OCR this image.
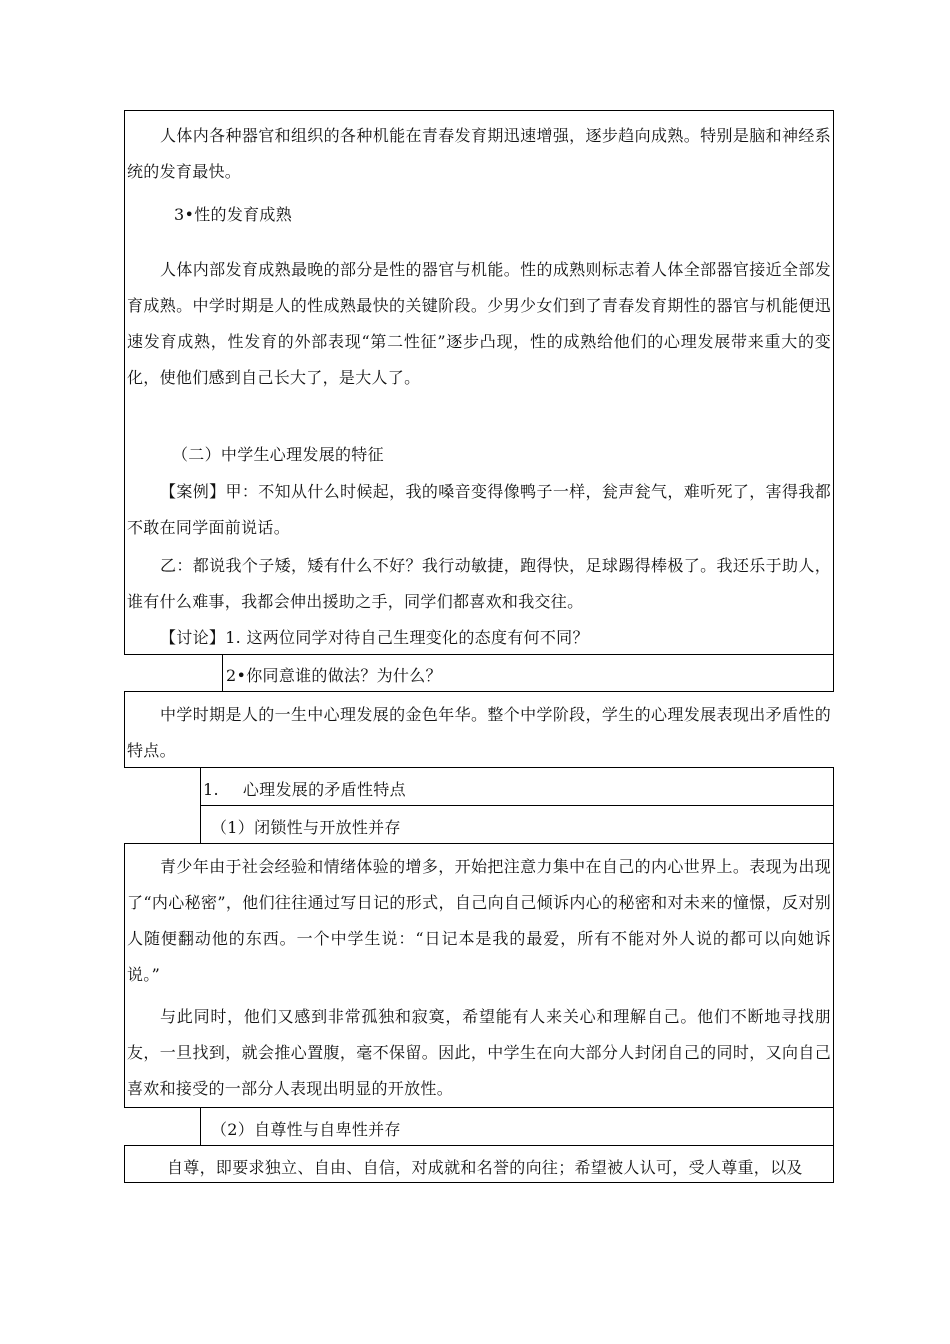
人体内各种器官和组织的各种机能在青春发育期迅速增强，逐步趋向成熟。特别是脑和神经系统的发育最快。

3•性的发育成熟

人体内部发育成熟最晚的部分是性的器官与机能。性的成熟则标志着人体全部器官接近全部发育成熟。中学时期是人的性成熟最快的关键阶段。少男少女们到了青春发育期性的器官与机能便迅速发育成熟，性发育的外部表现“第二性征”逐步凸现，性的成熟给他们的心理发展带来重大的变化，使他们感到自己长大了，是大人了。

（二）中学生心理发展的特征

【案例】甲：不知从什么时候起，我的嗓音变得像鸭子一样，瓮声瓮气，难听死了，害得我都不敢在同学面前说话。

乙：都说我个子矮，矮有什么不好？我行动敏捷，跑得快，足球踢得棒极了。我还乐于助人，谁有什么难事，我都会伸出援助之手，同学们都喜欢和我交往。

【讨论】1. 这两位同学对待自己生理变化的态度有何不同？

2•你同意谁的做法？为什么？

中学时期是人的一生中心理发展的金色年华。整个中学阶段，学生的心理发展表现出矛盾性的特点。

1. 心理发展的矛盾性特点

（1）闭锁性与开放性并存

青少年由于社会经验和情绪体验的增多，开始把注意力集中在自己的内心世界上。表现为出现了“内心秘密”，他们往往通过写日记的形式，自己向自己倾诉内心的秘密和对未来的憧憬，反对别人随便翻动他的东西。一个中学生说：“日记本是我的最爱，所有不能对外人说的都可以向她诉说。”

与此同时，他们又感到非常孤独和寂寞，希望能有人来关心和理解自己。他们不断地寻找朋友，一旦找到，就会推心置腹，毫不保留。因此，中学生在向大部分人封闭自己的同时，又向自己喜欢和接受的一部分人表现出明显的开放性。

（2）自尊性与自卑性并存

自尊，即要求独立、自由、自信，对成就和名誉的向往；希望被人认可，受人尊重，以及
